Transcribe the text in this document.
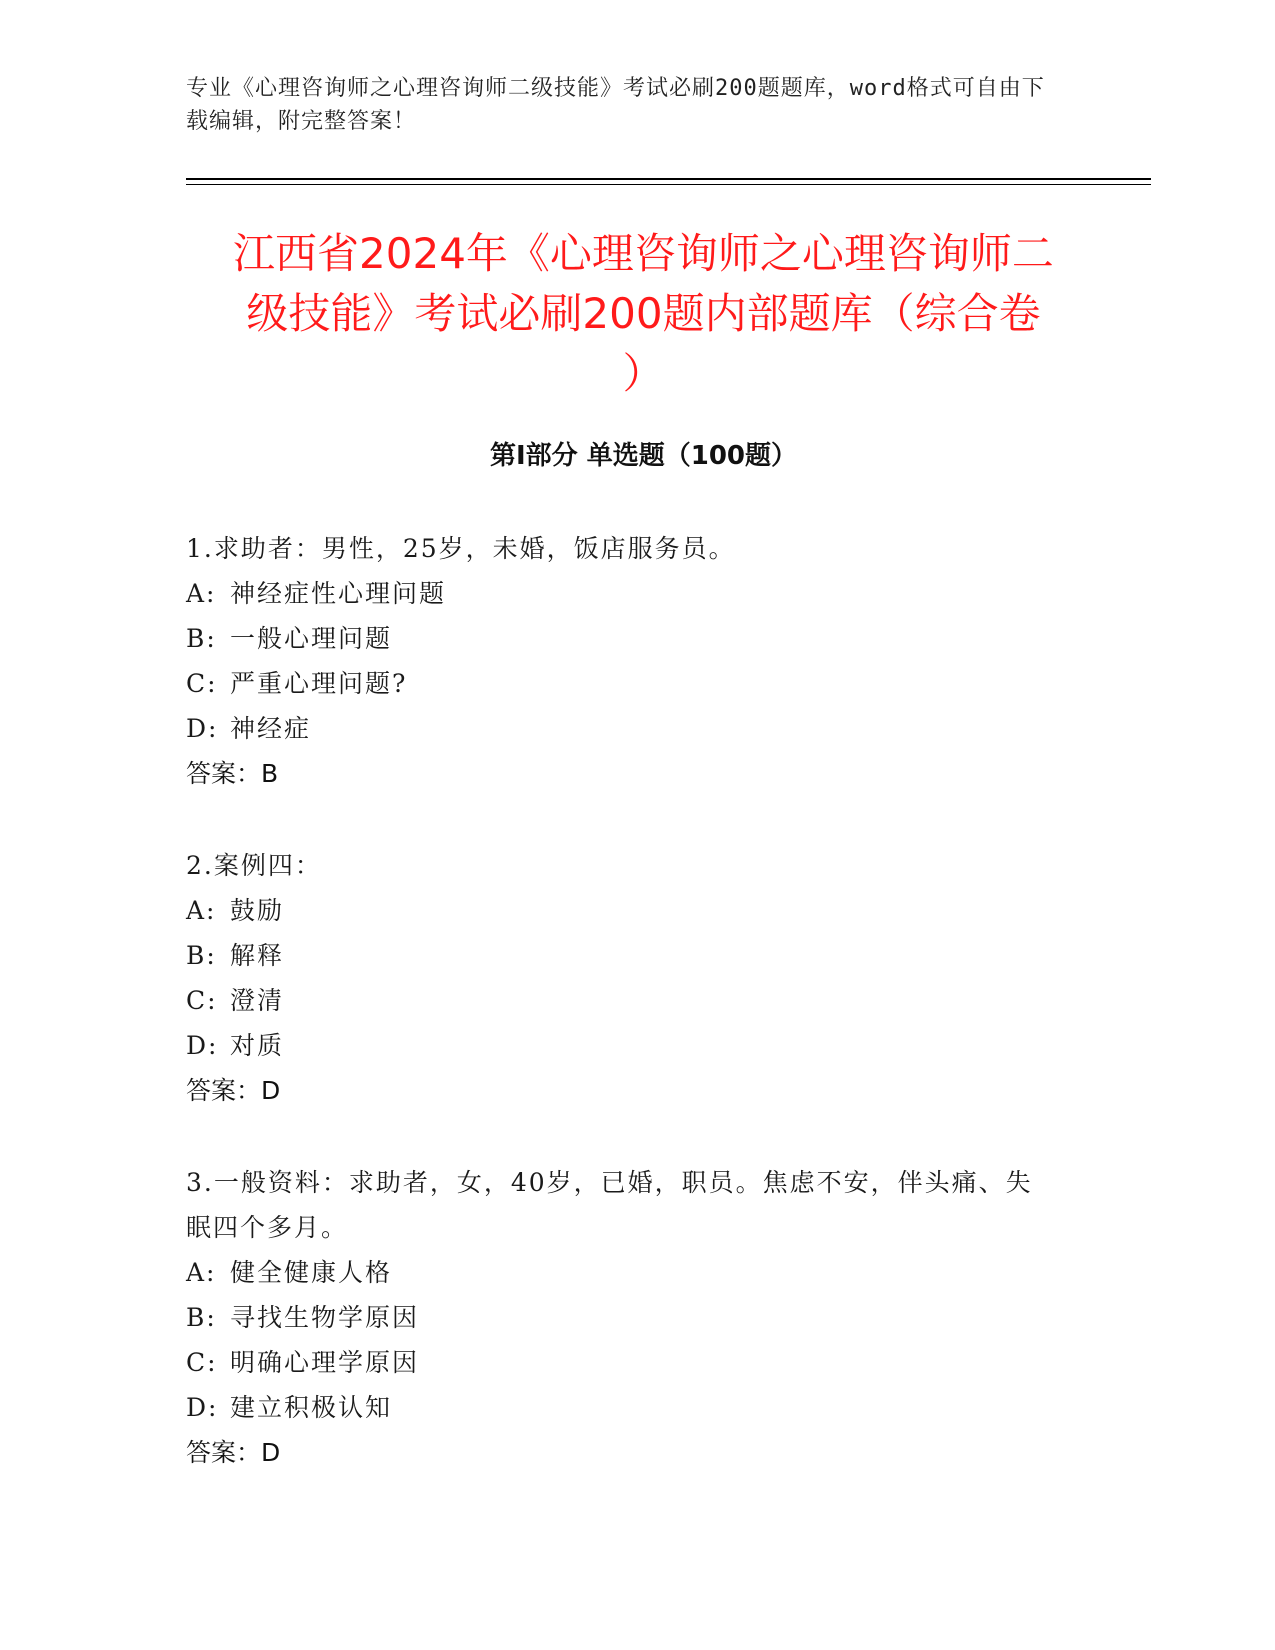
专业《心理咨询师之心理咨询师二级技能》考试必刷200题题库，word格式可自由下载编辑，附完整答案！
江西省2024年《心理咨询师之心理咨询师二
级技能》考试必刷200题内部题库（综合卷
）
第Ⅰ部分 单选题（100题）

1.求助者：男性，25岁，未婚，饭店服务员。

A: 神经症性心理问题

B: 一般心理问题

C: 严重心理问题?

D: 神经症

答案：B

2.案例四：

A: 鼓励

B: 解释

C: 澄清

D: 对质

答案：D

3.一般资料：求助者，女，40岁，已婚，职员。焦虑不安，伴头痛、失眠四个多月。

A: 健全健康人格

B: 寻找生物学原因

C: 明确心理学原因

D: 建立积极认知

答案：D
